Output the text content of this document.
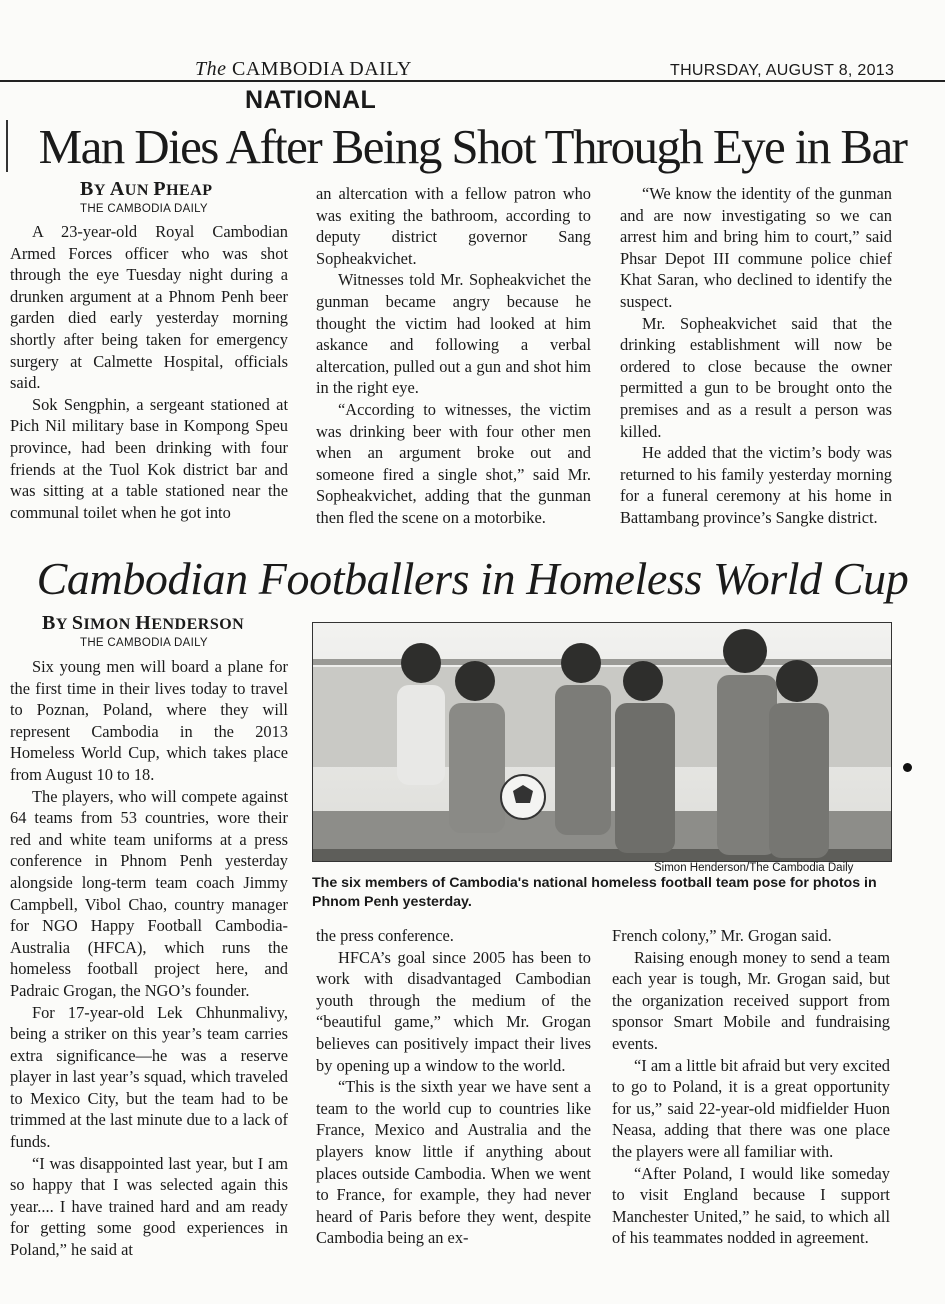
The CAMBODIA DAILY	THURSDAY, AUGUST 8, 2013
NATIONAL
Man Dies After Being Shot Through Eye in Bar
BY AUN PHEAP
THE CAMBODIA DAILY

A 23-year-old Royal Cambodian Armed Forces officer who was shot through the eye Tuesday night during a drunken argument at a Phnom Penh beer garden died early yesterday morning shortly after being taken for emergency surgery at Calmette Hospital, officials said.

Sok Sengphin, a sergeant stationed at Pich Nil military base in Kompong Speu province, had been drinking with four friends at the Tuol Kok district bar and was sitting at a table stationed near the communal toilet when he got into

an altercation with a fellow patron who was exiting the bathroom, according to deputy district governor Sang Sopheakvichet.

Witnesses told Mr. Sopheakvichet the gunman became angry because he thought the victim had looked at him askance and following a verbal altercation, pulled out a gun and shot him in the right eye.

“According to witnesses, the victim was drinking beer with four other men when an argument broke out and someone fired a single shot,” said Mr. Sopheakvichet, adding that the gunman then fled the scene on a motorbike.

“We know the identity of the gunman and are now investigating so we can arrest him and bring him to court,” said Phsar Depot III commune police chief Khat Saran, who declined to identify the suspect.

Mr. Sopheakvichet said that the drinking establishment will now be ordered to close because the owner permitted a gun to be brought onto the premises and as a result a person was killed.

He added that the victim’s body was returned to his family yesterday morning for a funeral ceremony at his home in Battambang province’s Sangke district.

Cambodian Footballers in Homeless World Cup
BY SIMON HENDERSON
THE CAMBODIA DAILY

Six young men will board a plane for the first time in their lives today to travel to Poznan, Poland, where they will represent Cambodia in the 2013 Homeless World Cup, which takes place from August 10 to 18.

The players, who will compete against 64 teams from 53 countries, wore their red and white team uniforms at a press conference in Phnom Penh yesterday alongside long-term team coach Jimmy Campbell, Vibol Chao, country manager for NGO Happy Football Cambodia-Australia (HFCA), which runs the homeless football project here, and Padraic Grogan, the NGO’s founder.

For 17-year-old Lek Chhunmalivy, being a striker on this year’s team carries extra significance—he was a reserve player in last year’s squad, which traveled to Mexico City, but the team had to be trimmed at the last minute due to a lack of funds.

“I was disappointed last year, but I am so happy that I was selected again this year.... I have trained hard and am ready for getting some good experiences in Poland,” he said at

Simon Henderson/The Cambodia Daily
The six members of Cambodia's national homeless football team pose for photos in Phnom Penh yesterday.

the press conference.

HFCA’s goal since 2005 has been to work with disadvantaged Cambodian youth through the medium of the “beautiful game,” which Mr. Grogan believes can positively impact their lives by opening up a window to the world.

“This is the sixth year we have sent a team to the world cup to countries like France, Mexico and Australia and the players know little if anything about places outside Cambodia. When we went to France, for example, they had never heard of Paris before they went, despite Cambodia being an ex-

French colony,” Mr. Grogan said.

Raising enough money to send a team each year is tough, Mr. Grogan said, but the organization received support from sponsor Smart Mobile and fundraising events.

“I am a little bit afraid but very excited to go to Poland, it is a great opportunity for us,” said 22-year-old midfielder Huon Neasa, adding that there was one place the players were all familiar with.

“After Poland, I would like someday to visit England because I support Manchester United,” he said, to which all of his teammates nodded in agreement.
